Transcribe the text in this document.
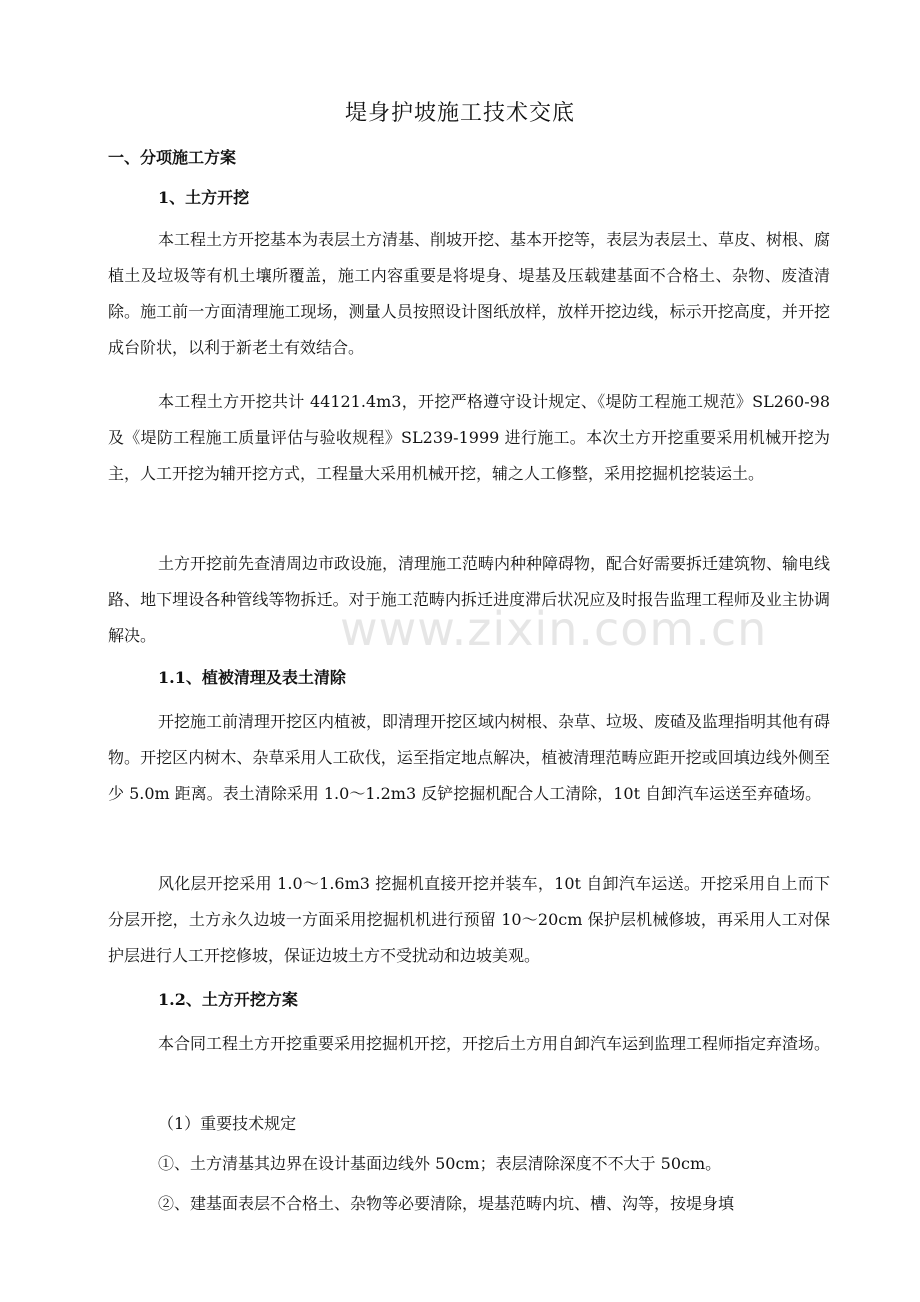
www.zixin.com.cn
堤身护坡施工技术交底
一、分项施工方案
1、土方开挖

本工程土方开挖基本为表层土方清基、削坡开挖、基本开挖等，表层为表层土、草皮、树根、腐植土及垃圾等有机土壤所覆盖，施工内容重要是将堤身、堤基及压载建基面不合格土、杂物、废渣清除。施工前一方面清理施工现场，测量人员按照设计图纸放样，放样开挖边线，标示开挖高度，并开挖成台阶状，以利于新老土有效结合。

本工程土方开挖共计 44121.4m3，开挖严格遵守设计规定、《堤防工程施工规范》SL260-98 及《堤防工程施工质量评估与验收规程》SL239-1999 进行施工。本次土方开挖重要采用机械开挖为主，人工开挖为辅开挖方式，工程量大采用机械开挖，辅之人工修整，采用挖掘机挖装运土。

土方开挖前先查清周边市政设施，清理施工范畴内种种障碍物，配合好需要拆迁建筑物、输电线路、地下埋设各种管线等物拆迁。对于施工范畴内拆迁进度滞后状况应及时报告监理工程师及业主协调解决。

1.1、植被清理及表土清除

开挖施工前清理开挖区内植被，即清理开挖区域内树根、杂草、垃圾、废碴及监理指明其他有碍物。开挖区内树木、杂草采用人工砍伐，运至指定地点解决，植被清理范畴应距开挖或回填边线外侧至少 5.0m 距离。表土清除采用 1.0～1.2m3 反铲挖掘机配合人工清除，10t 自卸汽车运送至弃碴场。

风化层开挖采用 1.0～1.6m3 挖掘机直接开挖并装车，10t 自卸汽车运送。开挖采用自上而下分层开挖，土方永久边坡一方面采用挖掘机机进行预留 10～20cm 保护层机械修坡，再采用人工对保护层进行人工开挖修坡，保证边坡土方不受扰动和边坡美观。

1.2、土方开挖方案

本合同工程土方开挖重要采用挖掘机开挖，开挖后土方用自卸汽车运到监理工程师指定弃渣场。

（1）重要技术规定
①、土方清基其边界在设计基面边线外 50cm；表层清除深度不不大于 50cm。
②、建基面表层不合格土、杂物等必要清除，堤基范畴内坑、槽、沟等，按堤身填
